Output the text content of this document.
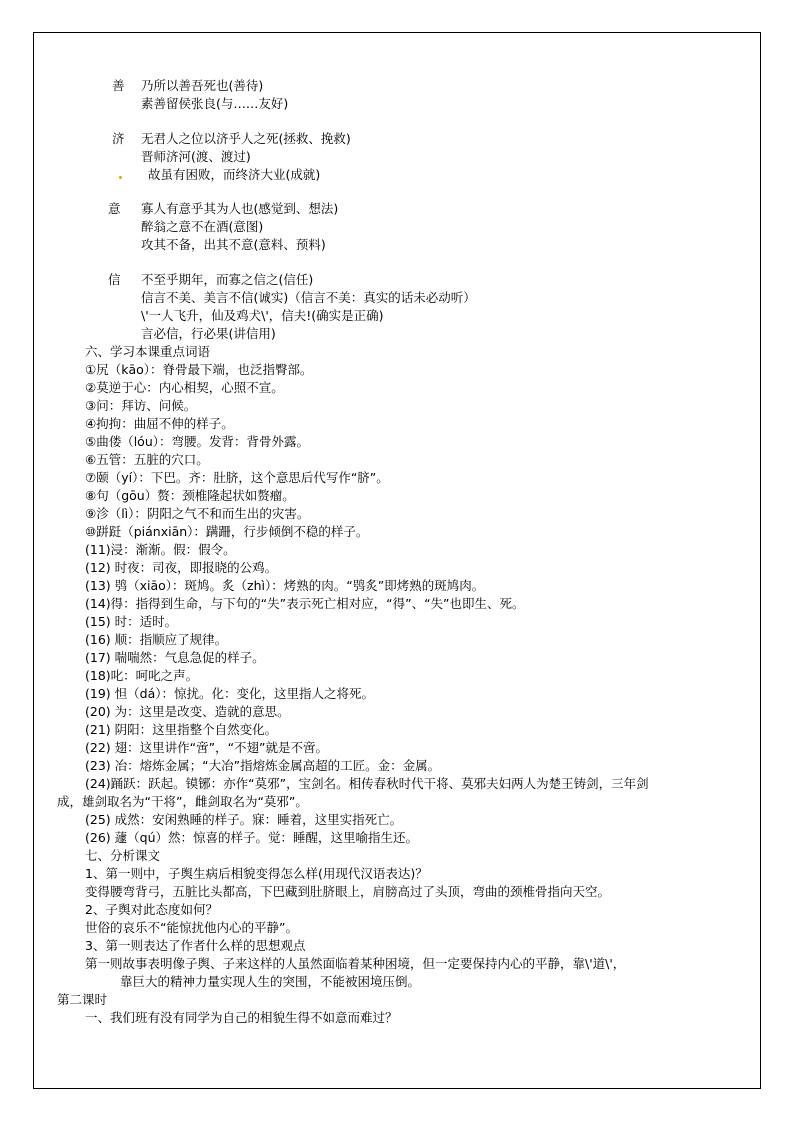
善 乃所以善吾死也(善待)
素善留侯张良(与……友好)
济 无君人之位以济乎人之死(拯救、挽救)
晋师济河(渡、渡过)
故虽有困败，而终济大业(成就)
意 寡人有意乎其为人也(感觉到、想法)
醉翁之意不在酒(意图)
攻其不备，出其不意(意料、预料)
信 不至乎期年，而寡之信之(信任)
信言不美、美言不信(诚实)（信言不美：真实的话未必动听）
\'一人飞升，仙及鸡犬\'，信夫!(确实是正确)
言必信，行必果(讲信用)
六、学习本课重点词语
①尻（kāo）：脊骨最下端，也泛指臀部。
②莫逆于心：内心相契，心照不宣。
③问：拜访、问候。
④拘拘：曲屈不伸的样子。
⑤曲偻（lóu）：弯腰。发背：背骨外露。
⑥五管：五脏的穴口。
⑦颐（yí）：下巴。齐：肚脐，这个意思后代写作“脐”。
⑧句（gōu）赘：颈椎隆起状如赘瘤。
⑨沴（lì）：阴阳之气不和而生出的灾害。
⑩跰跹（piánxiān）：蹒跚，行步倾倒不稳的样子。
(11)浸：渐渐。假：假令。
(12) 时夜：司夜，即报晓的公鸡。
(13) 鸮（xiāo）：斑鸠。炙（zhì）：烤熟的肉。“鸮炙”即烤熟的斑鸠肉。
(14)得：指得到生命，与下句的“失”表示死亡相对应，“得”、“失”也即生、死。
(15) 时：适时。
(16) 顺：指顺应了规律。
(17) 喘喘然：气息急促的样子。
(18)叱：呵叱之声。
(19) 怛（dá）：惊扰。化：变化，这里指人之将死。
(20) 为：这里是改变、造就的意思。
(21) 阴阳：这里指整个自然变化。
(22) 翅：这里讲作“啻”，“不翅”就是不啻。
(23) 冶：熔炼金属；“大冶”指熔炼金属高超的工匠。金：金属。
(24)踊跃：跃起。镆铘：亦作“莫邪”，宝剑名。相传春秋时代干将、莫邪夫妇两人为楚王铸剑，三年剑
成，雄剑取名为“干将”，雌剑取名为“莫邪”。
(25) 成然：安闲熟睡的样子。寐：睡着，这里实指死亡。
(26) 蘧（qú）然：惊喜的样子。觉：睡醒，这里喻指生还。
七、分析课文
1、第一则中，子舆生病后相貌变得怎么样(用现代汉语表达)？
变得腰弯背弓，五脏比头都高，下巴藏到肚脐眼上，肩膀高过了头顶，弯曲的颈椎骨指向天空。
2、子舆对此态度如何？
世俗的哀乐不“能惊扰他内心的平静”。
3、第一则表达了作者什么样的思想观点
第一则故事表明像子舆、子来这样的人虽然面临着某种困境，但一定要保持内心的平静，靠\'道\'，
靠巨大的精神力量实现人生的突围，不能被困境压倒。
第二课时
一、我们班有没有同学为自己的相貌生得不如意而难过？
